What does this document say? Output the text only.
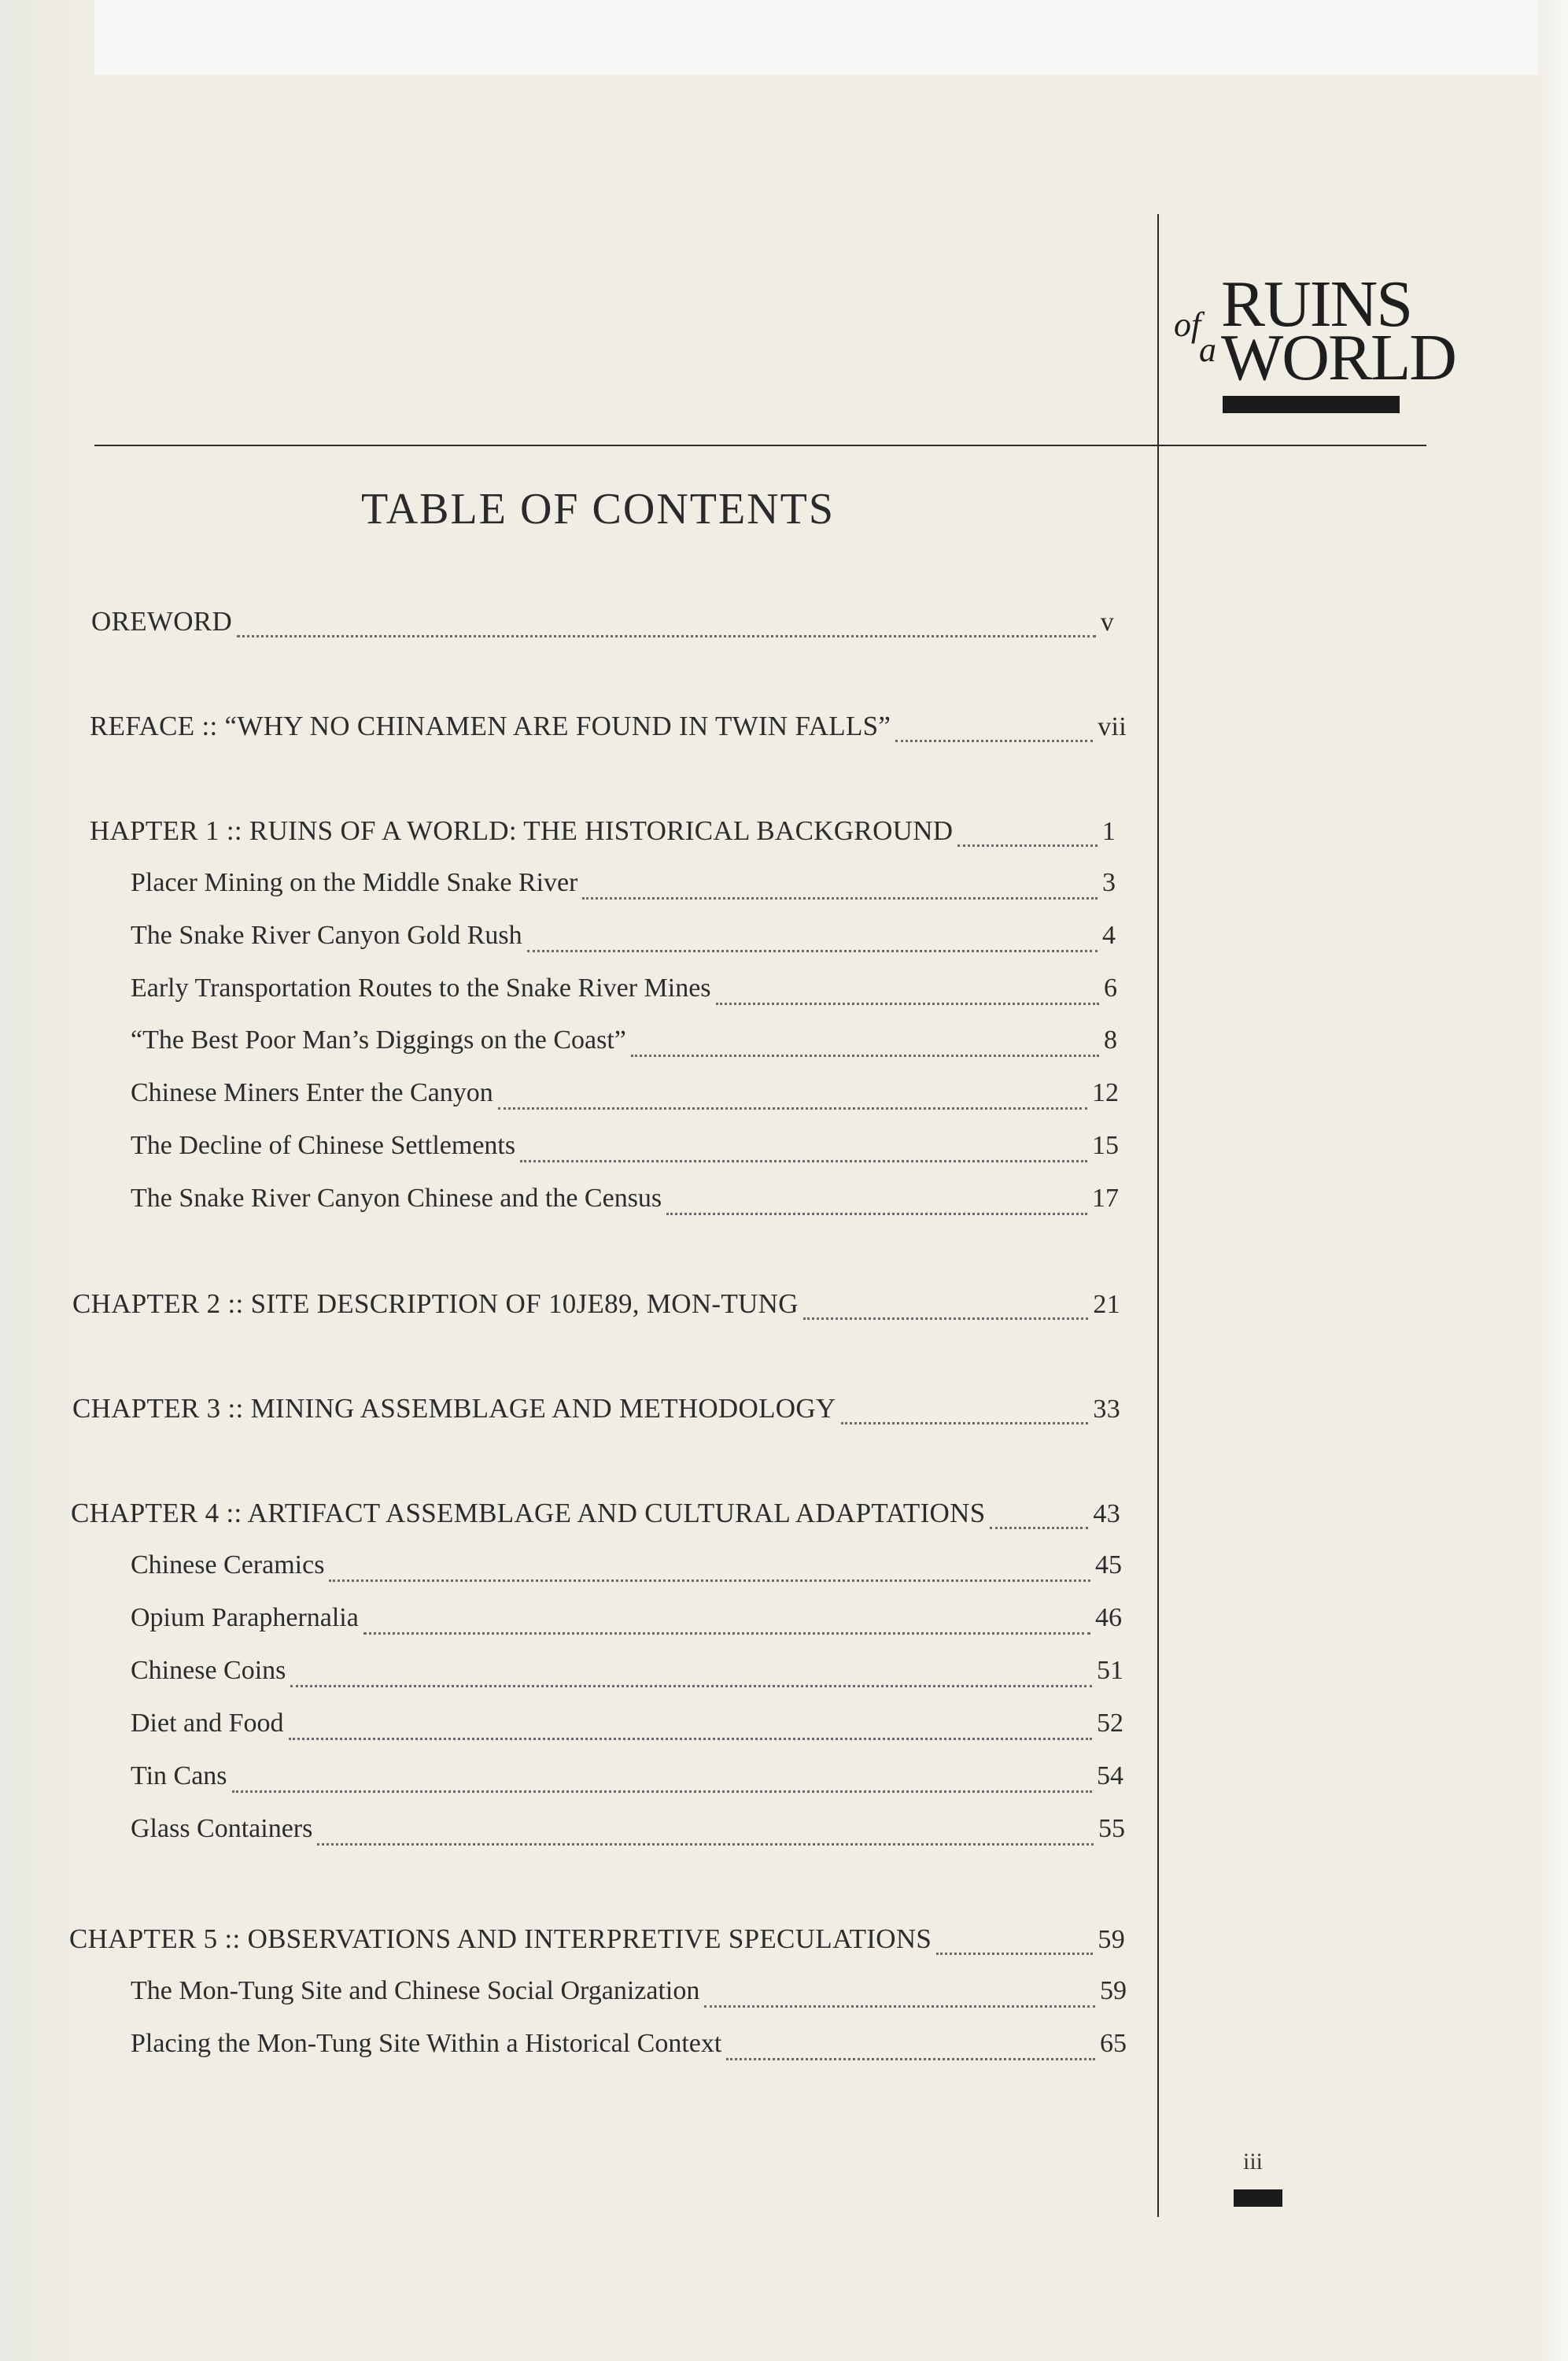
of RUINS
a WORLD
TABLE OF CONTENTS
OREWORD	v
REFACE :: “WHY NO CHINAMEN ARE FOUND IN TWIN FALLS”	vii
HAPTER 1 :: RUINS OF A WORLD: THE HISTORICAL BACKGROUND	1
Placer Mining on the Middle Snake River	3
The Snake River Canyon Gold Rush	4
Early Transportation Routes to the Snake River Mines	6
“The Best Poor Man’s Diggings on the Coast”	8
Chinese Miners Enter the Canyon	12
The Decline of Chinese Settlements	15
The Snake River Canyon Chinese and the Census	17
CHAPTER 2 :: SITE DESCRIPTION OF 10JE89, MON-TUNG	21
CHAPTER 3 :: MINING ASSEMBLAGE AND METHODOLOGY	33
CHAPTER 4 :: ARTIFACT ASSEMBLAGE AND CULTURAL ADAPTATIONS	43
Chinese Ceramics	45
Opium Paraphernalia	46
Chinese Coins	51
Diet and Food	52
Tin Cans	54
Glass Containers	55
CHAPTER 5 :: OBSERVATIONS AND INTERPRETIVE SPECULATIONS	59
The Mon-Tung Site and Chinese Social Organization	59
Placing the Mon-Tung Site Within a Historical Context	65
iii
